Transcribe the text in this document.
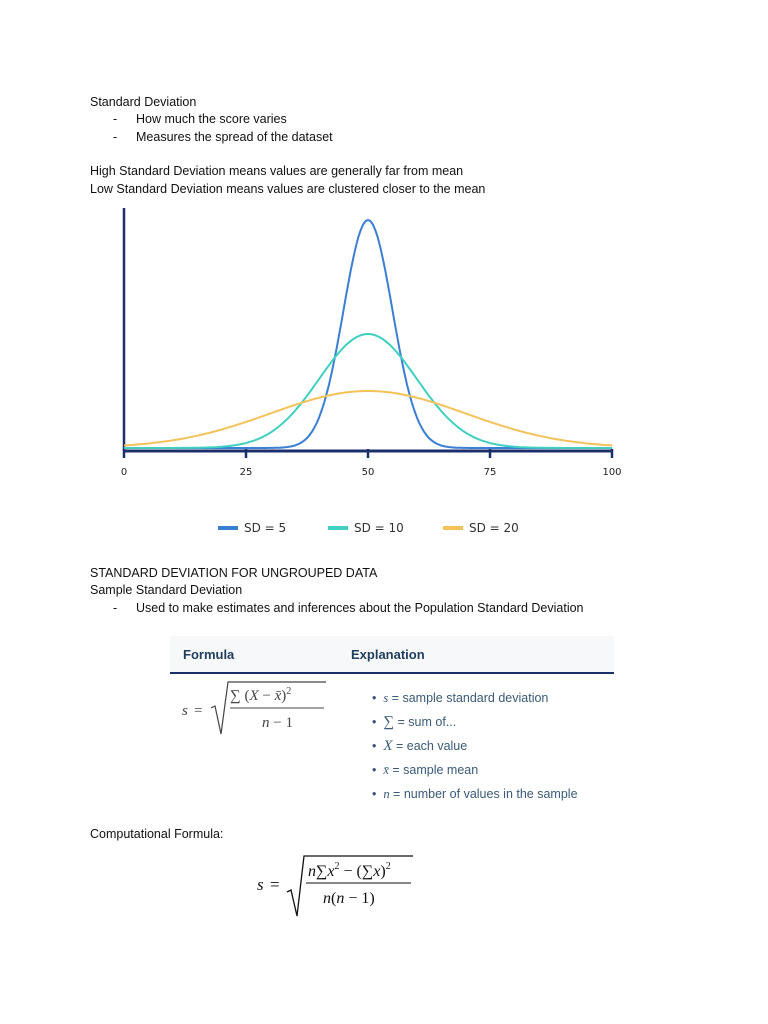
Standard Deviation
- How much the score varies
- Measures the spread of the dataset
High Standard Deviation means values are generally far from mean
Low Standard Deviation means values are clustered closer to the mean
0	25	50	75	100
SD = 5	SD = 10	SD = 20
STANDARD DEVIATION FOR UNGROUPED DATA
Sample Standard Deviation
- Used to make estimates and inferences about the Population Standard Deviation
Formula	Explanation
s =
∑ (X − x̄)$^2$
n − 1
•  s = sample standard deviation
•  ∑ = sum of...
•  X = each value
•  x̄ = sample mean
•  n = number of values in the sample
Computational Formula:
s =
$n\sum x^2 - (\sum x)^2$
n(n − 1)
